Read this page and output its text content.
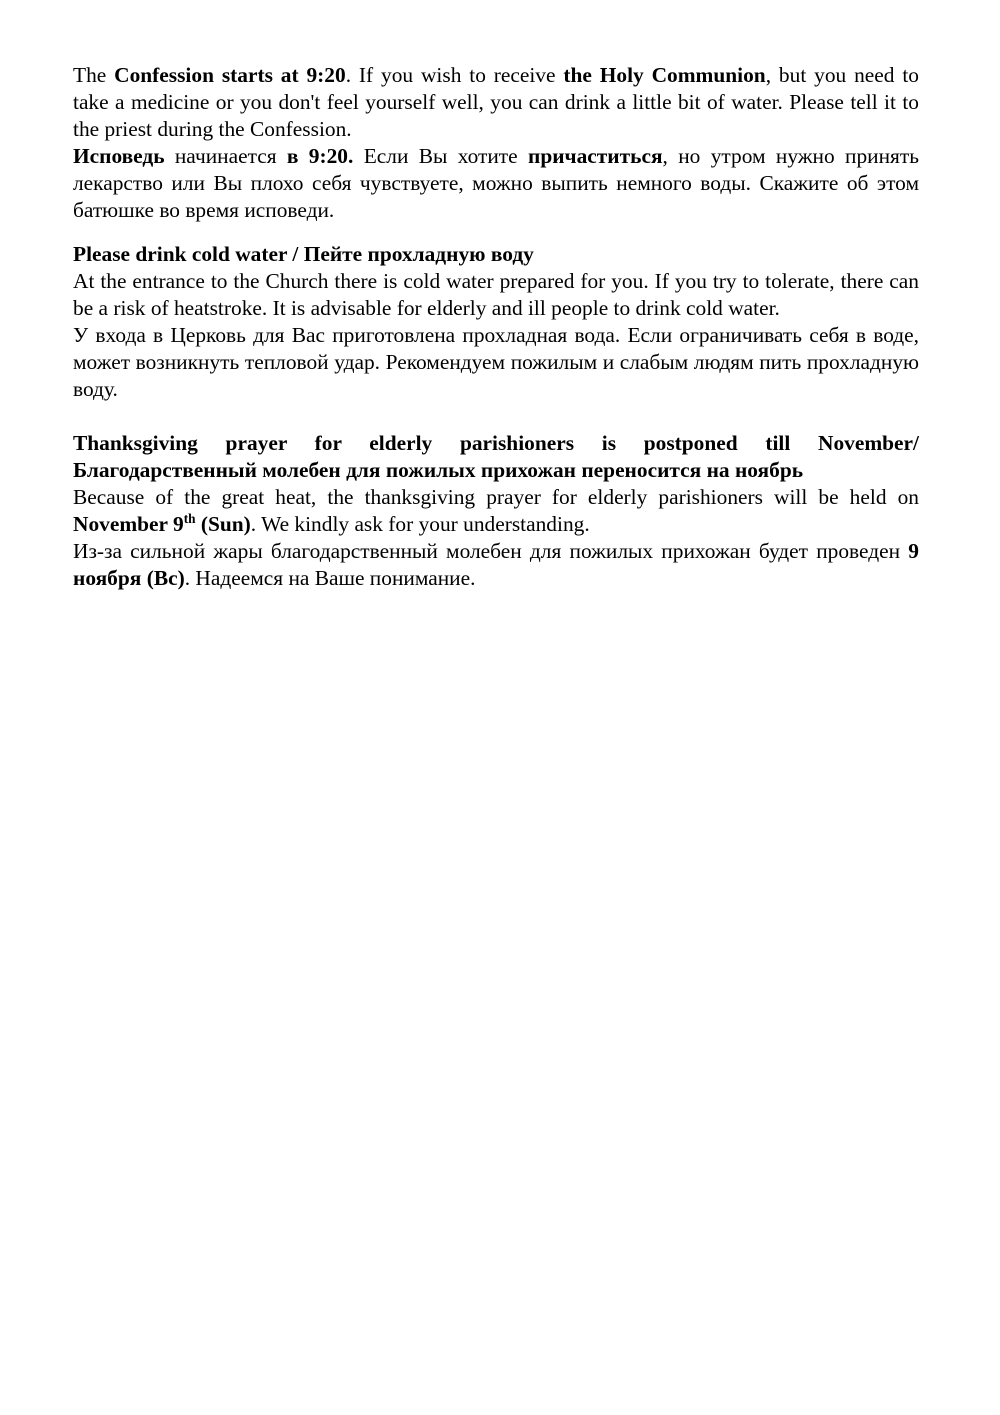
The Confession starts at 9:20. If you wish to receive the Holy Communion, but you need to take a medicine or you don't feel yourself well, you can drink a little bit of water. Please tell it to the priest during the Confession.

Исповедь начинается в 9:20. Если Вы хотите причаститься, но утром нужно принять лекарство или Вы плохо себя чувствуете, можно выпить немного воды. Скажите об этом батюшке во время исповеди.

Please drink cold water / Пейте прохладную воду

At the entrance to the Church there is cold water prepared for you. If you try to tolerate, there can be a risk of heatstroke. It is advisable for elderly and ill people to drink cold water.

У входа в Церковь для Вас приготовлена прохладная вода. Если ограничивать себя в воде, может возникнуть тепловой удар. Рекомендуем пожилым и слабым людям пить прохладную воду.

Thanksgiving prayer for elderly parishioners is postponed till November/
Благодарственный молебен для пожилых прихожан переносится на ноябрь

Because of the great heat, the thanksgiving prayer for elderly parishioners will be held on November 9th (Sun). We kindly ask for your understanding.

Из-за сильной жары благодарственный молебен для пожилых прихожан будет проведен 9 ноября (Вс). Надеемся на Ваше понимание.
